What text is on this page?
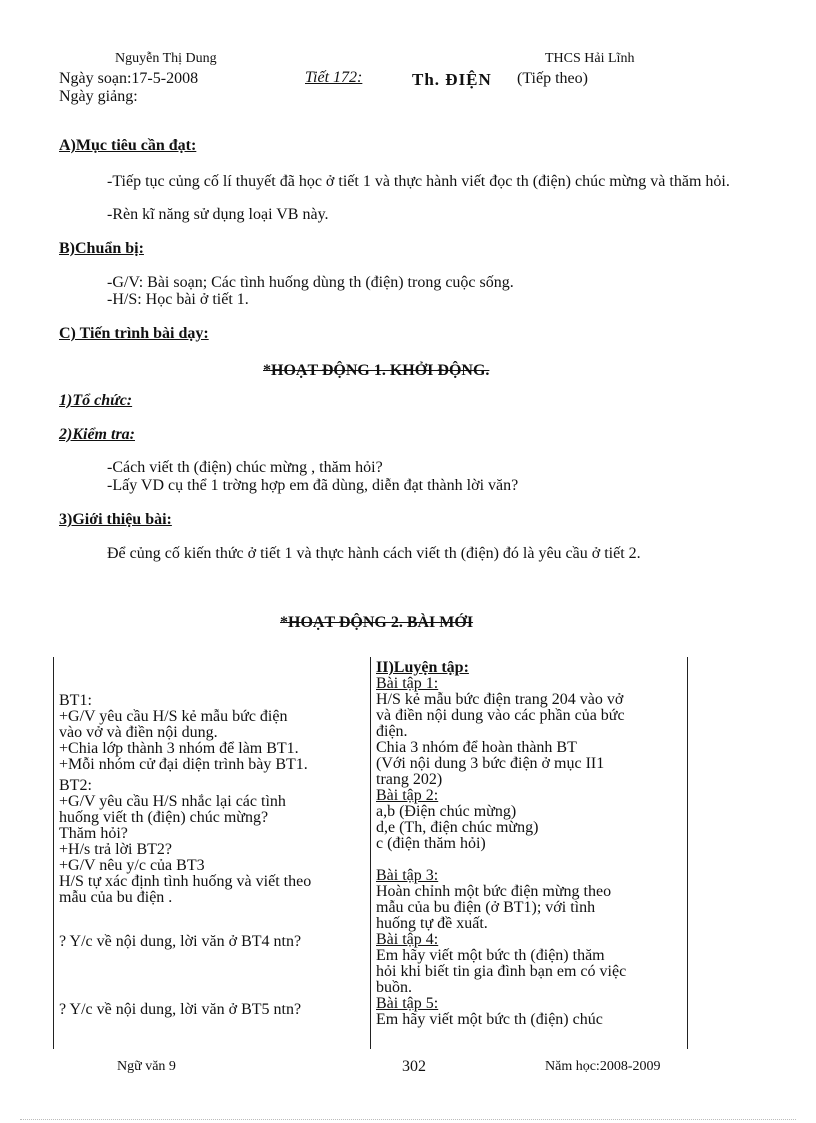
Nguyễn Thị Dung	THCS Hải Lĩnh
Ngày soạn:17-5-2008	Tiết 172:	Th. ĐIỆN (Tiếp theo)
Ngày giảng:
A)Mục tiêu cần đạt:
-Tiếp tục củng cố lí thuyết đã học ở tiết 1 và thực hành viết đọc th (điện) chúc mừng và thăm hỏi.
-Rèn kĩ năng sử dụng loại VB này.
B)Chuẩn bị:
-G/V: Bài soạn; Các tình huống dùng th (điện) trong cuộc sống.
-H/S: Học bài ở tiết 1.
C) Tiến trình bài dạy:
*HOẠT ĐỘNG 1. KHỞI ĐỘNG.
1)Tổ chức:
2)Kiểm tra:
-Cách viết th (điện) chúc mừng , thăm hỏi?
-Lấy VD cụ thể 1 trờng hợp em đã dùng, diễn đạt thành lời văn?
3)Giới thiệu bài:
Để củng cố kiến thức ở tiết 1 và thực hành cách viết th (điện) đó là yêu cầu ở tiết 2.
*HOẠT ĐỘNG 2. BÀI MỚI
BT1:
+G/V yêu cầu H/S kẻ mẫu bức điện
vào vở và điền nội dung.
+Chia lớp thành 3 nhóm để làm BT1.
+Mỗi nhóm cử đại diện trình bày BT1.
BT2:
+G/V yêu cầu H/S nhắc lại các tình
huống viết th (điện) chúc mừng?
Thăm hỏi?
+H/s trả lời BT2?
+G/V nêu y/c của BT3
H/S tự xác định tình huống và viết theo
mẫu của bu điện .
? Y/c về nội dung, lời văn ở BT4 ntn?
? Y/c về nội dung, lời văn ở BT5 ntn?
II)Luyện tập:
Bài tập 1:
H/S kẻ mẫu bức điện trang 204 vào vở
và điền nội dung vào các phần của bức
điện.
Chia 3 nhóm để hoàn thành BT
(Với nội dung 3 bức điện ở mục II1
trang 202)
Bài tập 2:
a,b (Điện chúc mừng)
d,e (Th, điện chúc mừng)
c (điện thăm hỏi)
Bài tập 3:
Hoàn chỉnh một bức điện mừng theo
mẫu của bu điện (ở BT1); với tình
huống tự đề xuất.
Bài tập 4:
Em hãy viết một bức th (điện) thăm
hỏi khi biết tin gia đình bạn em có việc
buồn.
Bài tập 5:
Em hãy viết một bức th (điện) chúc
Ngữ văn 9	302	Năm học:2008-2009
